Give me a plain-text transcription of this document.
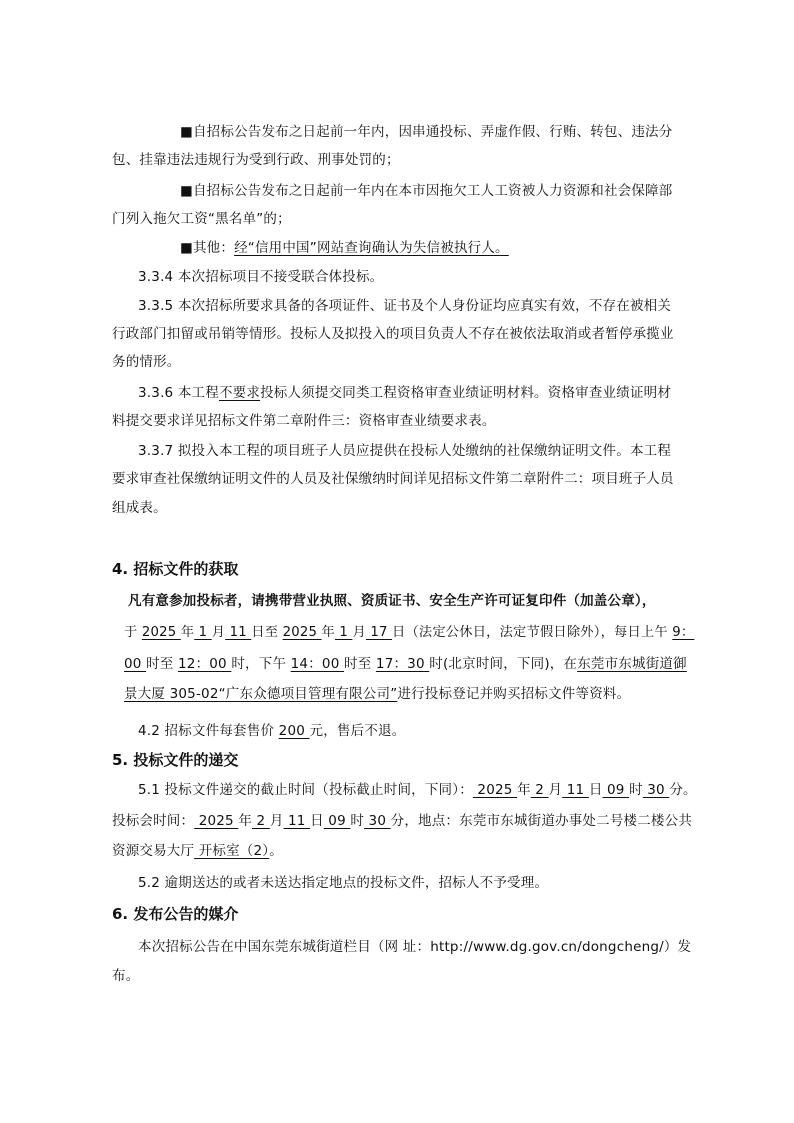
■自招标公告发布之日起前一年内，因串通投标、弄虚作假、行贿、转包、违法分
包、挂靠违法违规行为受到行政、刑事处罚的；
■自招标公告发布之日起前一年内在本市因拖欠工人工资被人力资源和社会保障部
门列入拖欠工资“黑名单”的；
■其他：经“信用中国”网站查询确认为失信被执行人。
3.3.4 本次招标项目不接受联合体投标。
3.3.5 本次招标所要求具备的各项证件、证书及个人身份证均应真实有效，不存在被相关
行政部门扣留或吊销等情形。投标人及拟投入的项目负责人不存在被依法取消或者暂停承揽业
务的情形。
3.3.6 本工程不要求投标人须提交同类工程资格审查业绩证明材料。资格审查业绩证明材
料提交要求详见招标文件第二章附件三：资格审查业绩要求表。
3.3.7 拟投入本工程的项目班子人员应提供在投标人处缴纳的社保缴纳证明文件。本工程
要求审查社保缴纳证明文件的人员及社保缴纳时间详见招标文件第二章附件二：项目班子人员
组成表。
4. 招标文件的获取
凡有意参加投标者，请携带营业执照、资质证书、安全生产许可证复印件（加盖公章），
于 2025 年 1 月 11 日至 2025 年 1 月 17 日（法定公休日，法定节假日除外），每日上午 9：
00 时至 12：00 时，下午 14：00 时至 17：30 时(北京时间，下同)，在东莞市东城街道御
景大厦 305-02“广东众德项目管理有限公司”进行投标登记并购买招标文件等资料。
4.2 招标文件每套售价 200 元，售后不退。
5. 投标文件的递交
5.1 投标文件递交的截止时间（投标截止时间，下同）： 2025 年 2 月 11 日 09 时 30 分。
投标会时间： 2025 年 2 月 11 日 09 时 30 分，地点：东莞市东城街道办事处二号楼二楼公共
资源交易大厅 开标室（2）。
5.2 逾期送达的或者未送达指定地点的投标文件，招标人不予受理。
6. 发布公告的媒介
本次招标公告在中国东莞东城街道栏目（网 址：http://www.dg.gov.cn/dongcheng/）发
布。
